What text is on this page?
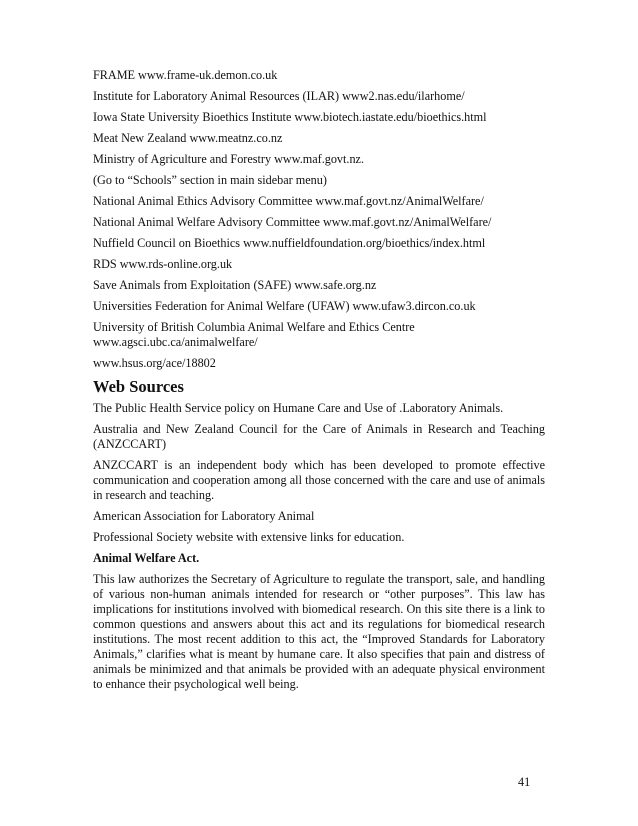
FRAME www.frame-uk.demon.co.uk
Institute for Laboratory Animal Resources (ILAR) www2.nas.edu/ilarhome/
Iowa State University Bioethics Institute www.biotech.iastate.edu/bioethics.html
Meat New Zealand www.meatnz.co.nz
Ministry of Agriculture and Forestry www.maf.govt.nz.
(Go to “Schools” section in main sidebar menu)
National Animal Ethics Advisory Committee www.maf.govt.nz/AnimalWelfare/
National Animal Welfare Advisory Committee www.maf.govt.nz/AnimalWelfare/
Nuffield Council on Bioethics www.nuffieldfoundation.org/bioethics/index.html
RDS www.rds-online.org.uk
Save Animals from Exploitation (SAFE) www.safe.org.nz
Universities Federation for Animal Welfare (UFAW) www.ufaw3.dircon.co.uk
University of British Columbia Animal Welfare and Ethics Centre www.agsci.ubc.ca/animalwelfare/
www.hsus.org/ace/18802
Web Sources
The Public Health Service policy on Humane Care and Use of .Laboratory Animals.
Australia and New Zealand Council for the Care of Animals in Research and Teaching (ANZCCART)
ANZCCART is an independent body which has been developed to promote effective communication and cooperation among all those concerned with the care and use of animals in research and teaching.
American Association for Laboratory Animal
Professional Society website with extensive links for education.
Animal Welfare Act.
This law authorizes the Secretary of Agriculture to regulate the transport, sale, and handling of various non-human animals intended for research or “other purposes”. This law has implications for institutions involved with biomedical research. On this site there is a link to common questions and answers about this act and its regulations for biomedical research institutions. The most recent addition to this act, the “Improved Standards for Laboratory Animals,” clarifies what is meant by humane care. It also specifies that pain and distress of animals be minimized and that animals be provided with an adequate physical environment to enhance their psychological well being.
41
